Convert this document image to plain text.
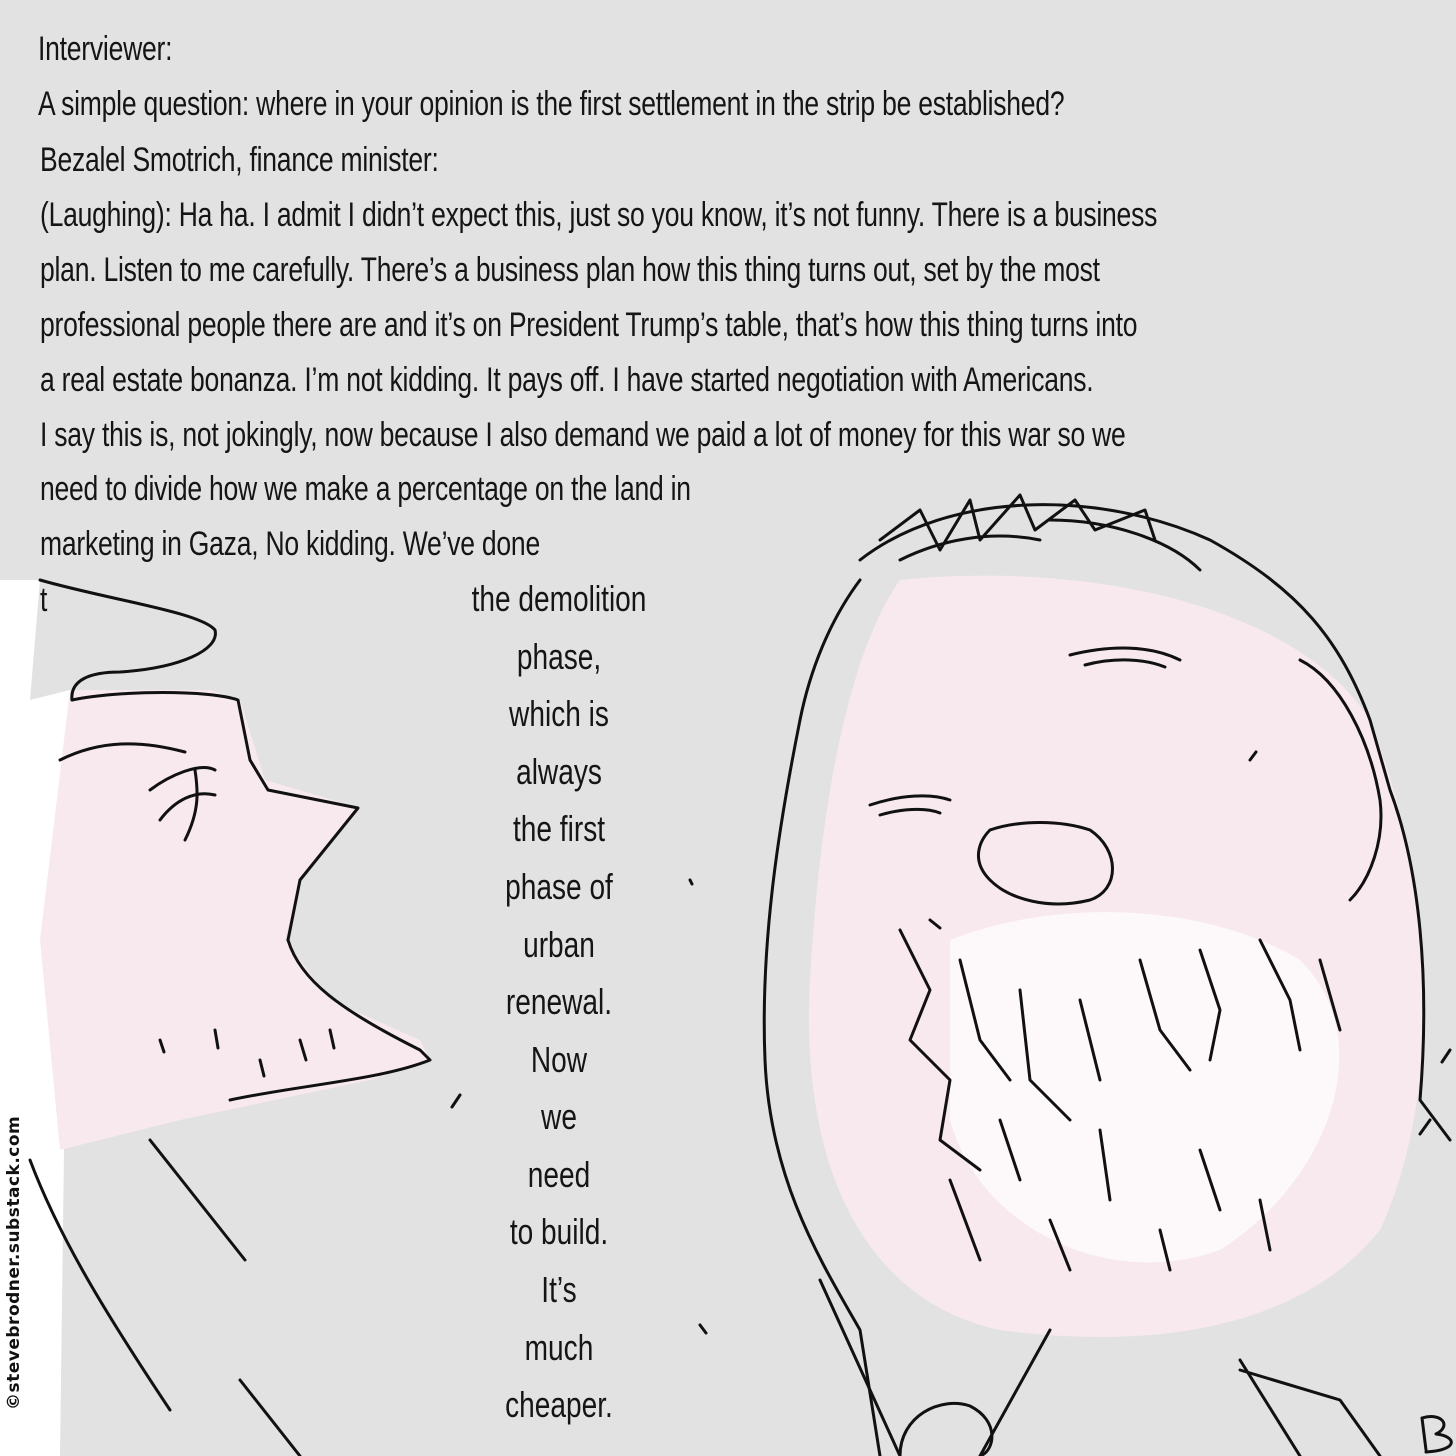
Interviewer:
A simple question: where in your opinion is the first settlement in the strip be established?
Bezalel Smotrich, finance minister:
(Laughing): Ha ha. I admit I didn’t expect this, just so you know, it’s not funny. There is a business
plan. Listen to me carefully. There’s a business plan how this thing turns out, set by the most
professional people there are and it’s on President Trump’s table, that’s how this thing turns into
a real estate bonanza. I’m not kidding. It pays off. I have started negotiation with Americans.
I say this is, not jokingly, now because I also demand we paid a lot of money for this war so we
need to divide how we make a percentage on the land in
marketing in Gaza, No kidding. We’ve done
t	the demolition
phase,
which is
always
the first
phase of
urban
renewal.
Now
we
need
to build.
It’s
much
cheaper.
©stevebrodner.substack.com
